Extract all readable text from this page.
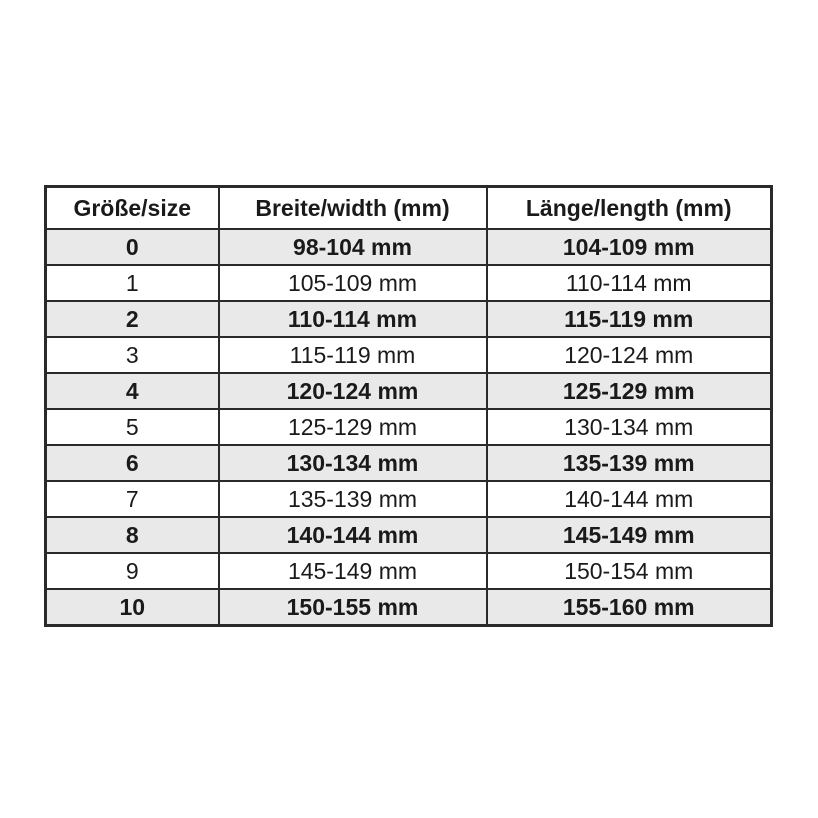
Größe/size	Breite/width (mm)	Länge/length (mm)
0	98-104 mm	104-109 mm
1	105-109 mm	110-114 mm
2	110-114 mm	115-119 mm
3	115-119 mm	120-124 mm
4	120-124 mm	125-129 mm
5	125-129 mm	130-134 mm
6	130-134 mm	135-139 mm
7	135-139 mm	140-144 mm
8	140-144 mm	145-149 mm
9	145-149 mm	150-154 mm
10	150-155 mm	155-160 mm
